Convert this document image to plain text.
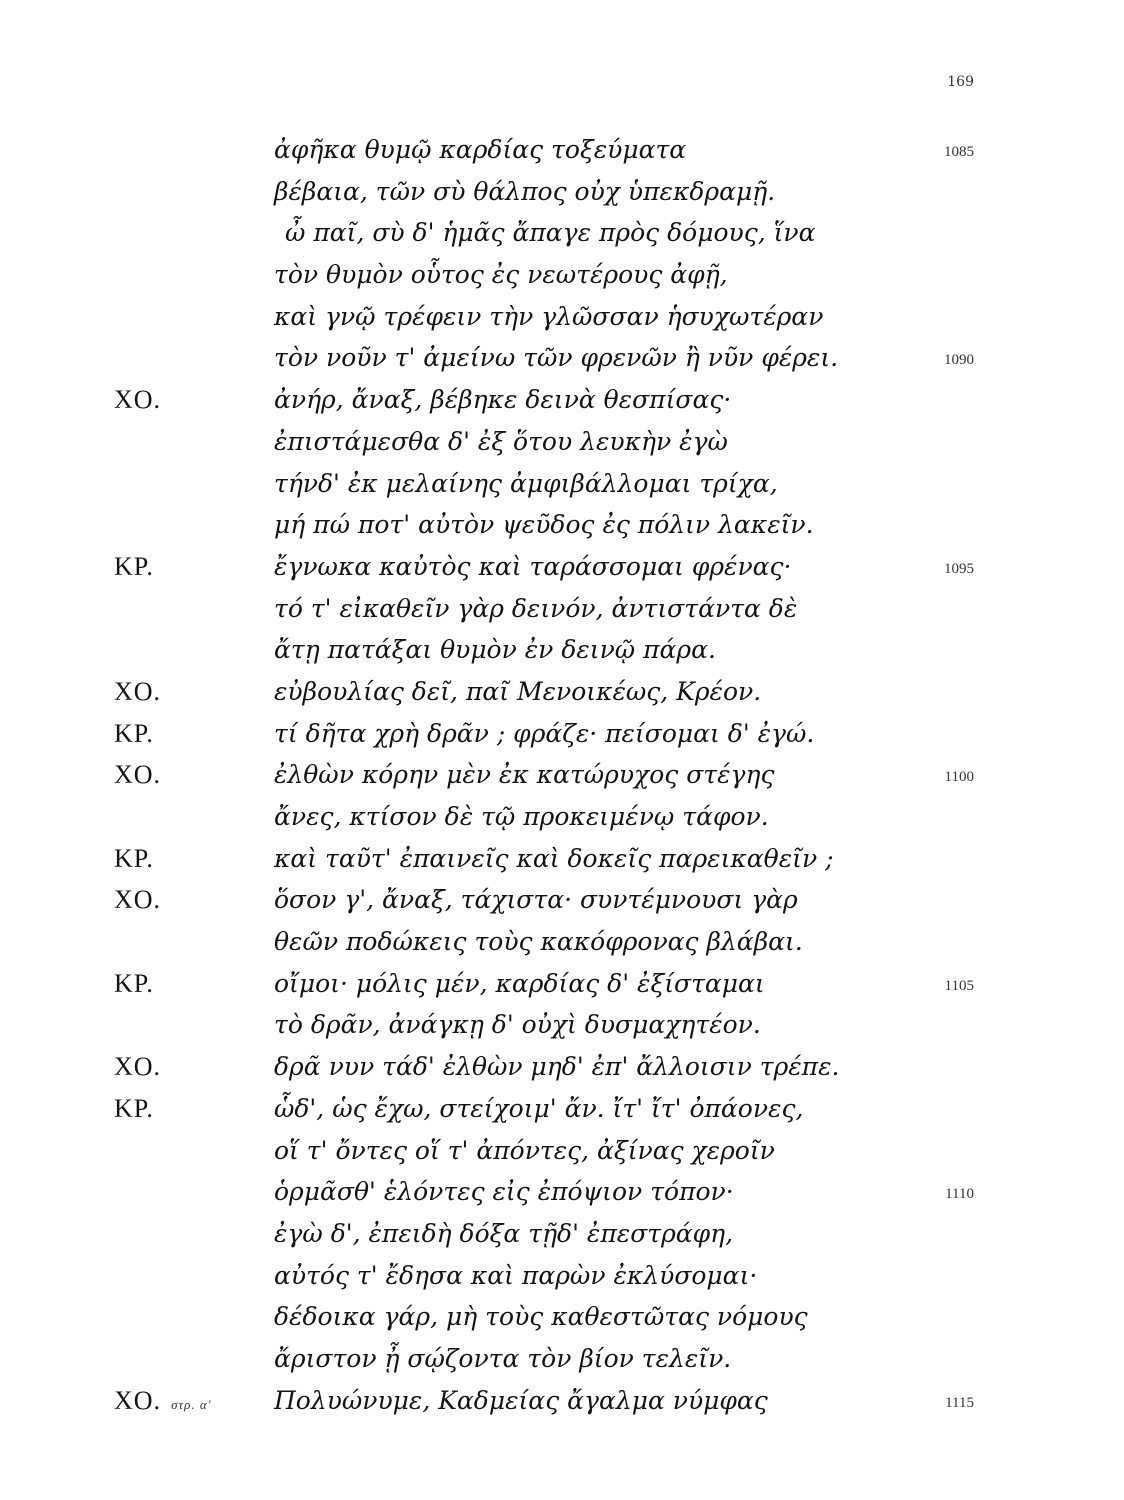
169
ἀφῆκα θυμῷ καρδίας τοξεύματα	1085
βέβαια, τῶν σὺ θάλπος οὐχ ὑπεκδραμῇ.
ὦ παῖ, σὺ δ' ἡμᾶς ἄπαγε πρὸς δόμους, ἵνα
τὸν θυμὸν οὗτος ἐς νεωτέρους ἀφῇ,
καὶ γνῷ τρέφειν τὴν γλῶσσαν ἡσυχωτέραν
τὸν νοῦν τ' ἀμείνω τῶν φρενῶν ἢ νῦν φέρει.	1090
ΧΟ.	ἀνήρ, ἄναξ, βέβηκε δεινὰ θεσπίσας·
ἐπιστάμεσθα δ' ἐξ ὅτου λευκὴν ἐγὼ
τήνδ' ἐκ μελαίνης ἀμφιβάλλομαι τρίχα,
μή πώ ποτ' αὐτὸν ψεῦδος ἐς πόλιν λακεῖν.
ΚΡ.	ἔγνωκα καὐτὸς καὶ ταράσσομαι φρένας·	1095
τό τ' εἰκαθεῖν γὰρ δεινόν, ἀντιστάντα δὲ
ἄτῃ πατάξαι θυμὸν ἐν δεινῷ πάρα.
ΧΟ.	εὐβουλίας δεῖ, παῖ Μενοικέως, Κρέον.
ΚΡ.	τί δῆτα χρὴ δρᾶν ; φράζε· πείσομαι δ' ἐγώ.
ΧΟ.	ἐλθὼν κόρην μὲν ἐκ κατώρυχος στέγης	1100
ἄνες, κτίσον δὲ τῷ προκειμένῳ τάφον.
ΚΡ.	καὶ ταῦτ' ἐπαινεῖς καὶ δοκεῖς παρεικαθεῖν ;
ΧΟ.	ὅσον γ', ἄναξ, τάχιστα· συντέμνουσι γὰρ
θεῶν ποδώκεις τοὺς κακόφρονας βλάβαι.
ΚΡ.	οἴμοι· μόλις μέν, καρδίας δ' ἐξίσταμαι	1105
τὸ δρᾶν, ἀνάγκῃ δ' οὐχὶ δυσμαχητέον.
ΧΟ.	δρᾶ νυν τάδ' ἐλθὼν μηδ' ἐπ' ἄλλοισιν τρέπε.
ΚΡ.	ὧδ', ὡς ἔχω, στείχοιμ' ἄν. ἴτ' ἴτ' ὀπάονες,
οἵ τ' ὄντες οἵ τ' ἀπόντες, ἀξίνας χεροῖν
ὁρμᾶσθ' ἑλόντες εἰς ἐπόψιον τόπον·	1110
ἐγὼ δ', ἐπειδὴ δόξα τῇδ' ἐπεστράφη,
αὐτός τ' ἔδησα καὶ παρὼν ἐκλύσομαι·
δέδοικα γάρ, μὴ τοὺς καθεστῶτας νόμους
ἄριστον ᾖ σῴζοντα τὸν βίον τελεῖν.
ΧΟ. στρ. α'	Πολυώνυμε, Καδμείας ἄγαλμα νύμφας	1115
